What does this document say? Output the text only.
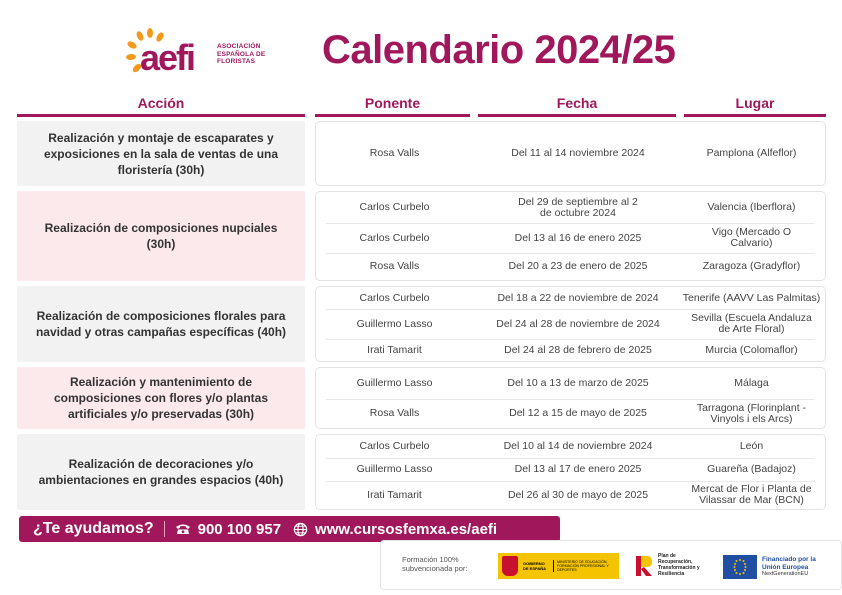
aefi	ASOCIACIÓN
ESPAÑOLA DE
FLORISTAS	Calendario 2024/25
Acción	Ponente	Fecha	Lugar
Realización y montaje de escaparates y exposiciones en la sala de ventas de una floristería (30h)
Rosa Valls	Del 11 al 14 noviembre 2024	Pamplona (Alfeflor)
Realización de composiciones nupciales (30h)
Carlos Curbelo	Del 29 de septiembre al 2 de octubre 2024	Valencia (Iberflora)
Carlos Curbelo	Del 13 al 16 de enero 2025	Vigo (Mercado O Calvario)
Rosa Valls	Del 20 a 23 de enero de 2025	Zaragoza (Gradyflor)
Realización de composiciones florales para navidad y otras campañas específicas (40h)
Carlos Curbelo	Del 18 a 22 de noviembre de 2024	Tenerife (AAVV Las Palmitas)
Guillermo Lasso	Del 24 al 28 de noviembre de 2024	Sevilla (Escuela Andaluza de Arte Floral)
Irati Tamarit	Del 24 al 28 de febrero de 2025	Murcia (Colomaflor)
Realización y mantenimiento de composiciones con flores y/o plantas artificiales y/o preservadas (30h)
Guillermo Lasso	Del 10 a 13 de marzo de 2025	Málaga
Rosa Valls	Del 12 a 15 de mayo de 2025	Tarragona (Florinplant - Vinyols i els Arcs)
Realización de decoraciones y/o ambientaciones en grandes espacios (40h)
Carlos Curbelo	Del 10 al 14 de noviembre 2024	León
Guillermo Lasso	Del 13 al 17 de enero 2025	Guareña (Badajoz)
Irati Tamarit	Del 26 al 30 de mayo de 2025	Mercat de Flor i Planta de Vilassar de Mar (BCN)
¿Te ayudamos?	900 100 957 www.cursosfemxa.es/aefi
Formación 100% subvencionada por:	GOBIERNO DE ESPAÑA
MINISTERIO DE EDUCACIÓN, FORMACIÓN PROFESIONAL Y DEPORTES
Plan de Recuperación, Transformación y Resiliencia
Financiado por la Unión Europea
NextGenerationEU
